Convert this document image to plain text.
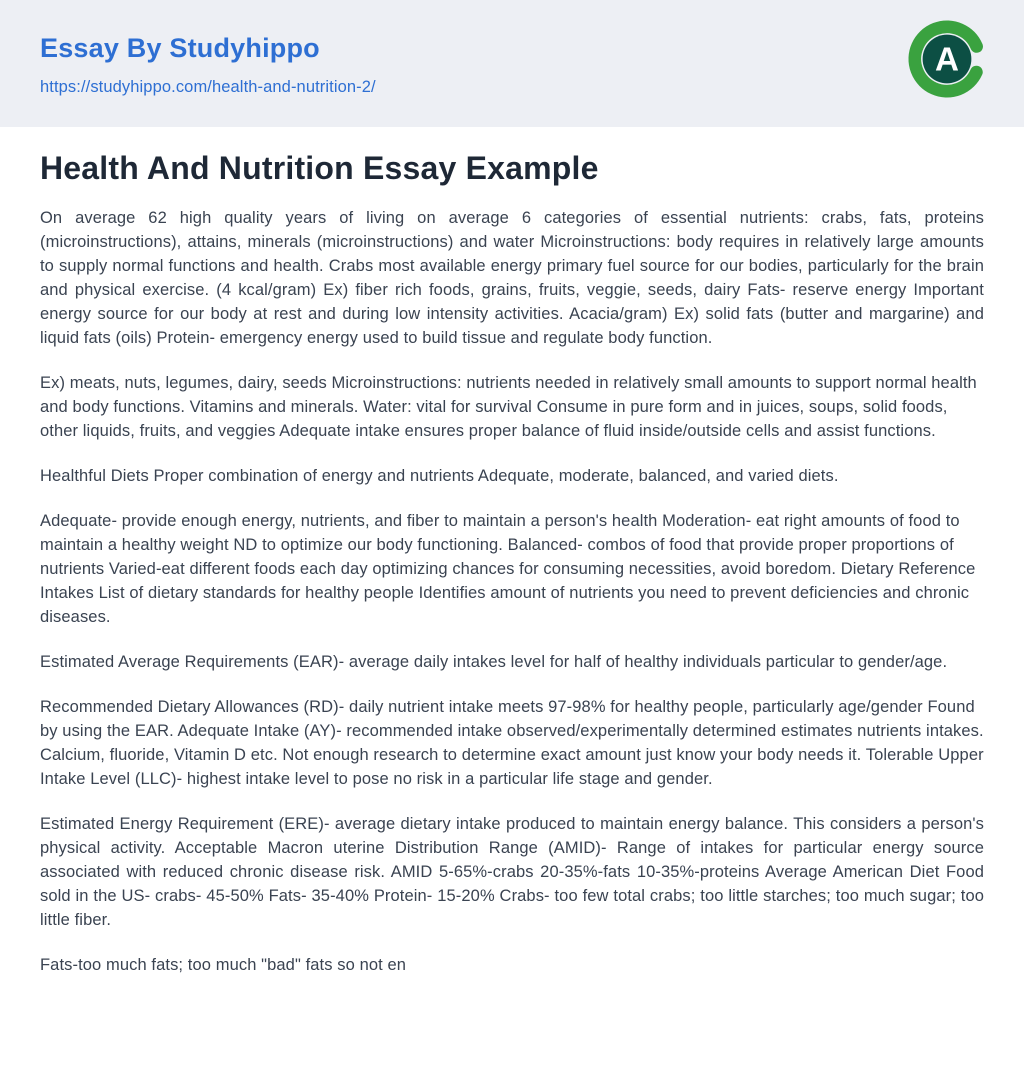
Essay By Studyhippo
https://studyhippo.com/health-and-nutrition-2/
A
Health And Nutrition Essay Example

On average 62 high quality years of living on average 6 categories of essential nutrients: crabs, fats, proteins (microinstructions), attains, minerals (microinstructions) and water Microinstructions: body requires in relatively large amounts to supply normal functions and health. Crabs most available energy primary fuel source for our bodies, particularly for the brain and physical exercise. (4 kcal/gram) Ex) fiber rich foods, grains, fruits, veggie, seeds, dairy Fats- reserve energy Important energy source for our body at rest and during low intensity activities. Acacia/gram) Ex) solid fats (butter and margarine) and liquid fats (oils) Protein- emergency energy used to build tissue and regulate body function.

Ex) meats, nuts, legumes, dairy, seeds Microinstructions: nutrients needed in relatively small amounts to support normal health and body functions. Vitamins and minerals. Water: vital for survival Consume in pure form and in juices, soups, solid foods, other liquids, fruits, and veggies Adequate intake ensures proper balance of fluid inside/outside cells and assist functions.

Healthful Diets Proper combination of energy and nutrients Adequate, moderate, balanced, and varied diets.

Adequate- provide enough energy, nutrients, and fiber to maintain a person's health Moderation- eat right amounts of food to maintain a healthy weight ND to optimize our body functioning. Balanced- combos of food that provide proper proportions of nutrients Varied-eat different foods each day optimizing chances for consuming necessities, avoid boredom. Dietary Reference Intakes List of dietary standards for healthy people Identifies amount of nutrients you need to prevent deficiencies and chronic diseases.

Estimated Average Requirements (EAR)- average daily intakes level for half of healthy individuals particular to gender/age.

Recommended Dietary Allowances (RD)- daily nutrient intake meets 97-98% for healthy people, particularly age/gender Found by using the EAR. Adequate Intake (AY)- recommended intake observed/experimentally determined estimates nutrients intakes. Calcium, fluoride, Vitamin D etc. Not enough research to determine exact amount just know your body needs it. Tolerable Upper Intake Level (LLC)- highest intake level to pose no risk in a particular life stage and gender.

Estimated Energy Requirement (ERE)- average dietary intake produced to maintain energy balance. This considers a person's physical activity. Acceptable Macron uterine Distribution Range (AMID)- Range of intakes for particular energy source associated with reduced chronic disease risk. AMID 5-65%-crabs 20-35%-fats 10-35%-proteins Average American Diet Food sold in the US- crabs- 45-50% Fats- 35-40% Protein- 15-20% Crabs- too few total crabs; too little starches; too much sugar; too little fiber.

Fats-too much fats; too much "bad" fats so not en
